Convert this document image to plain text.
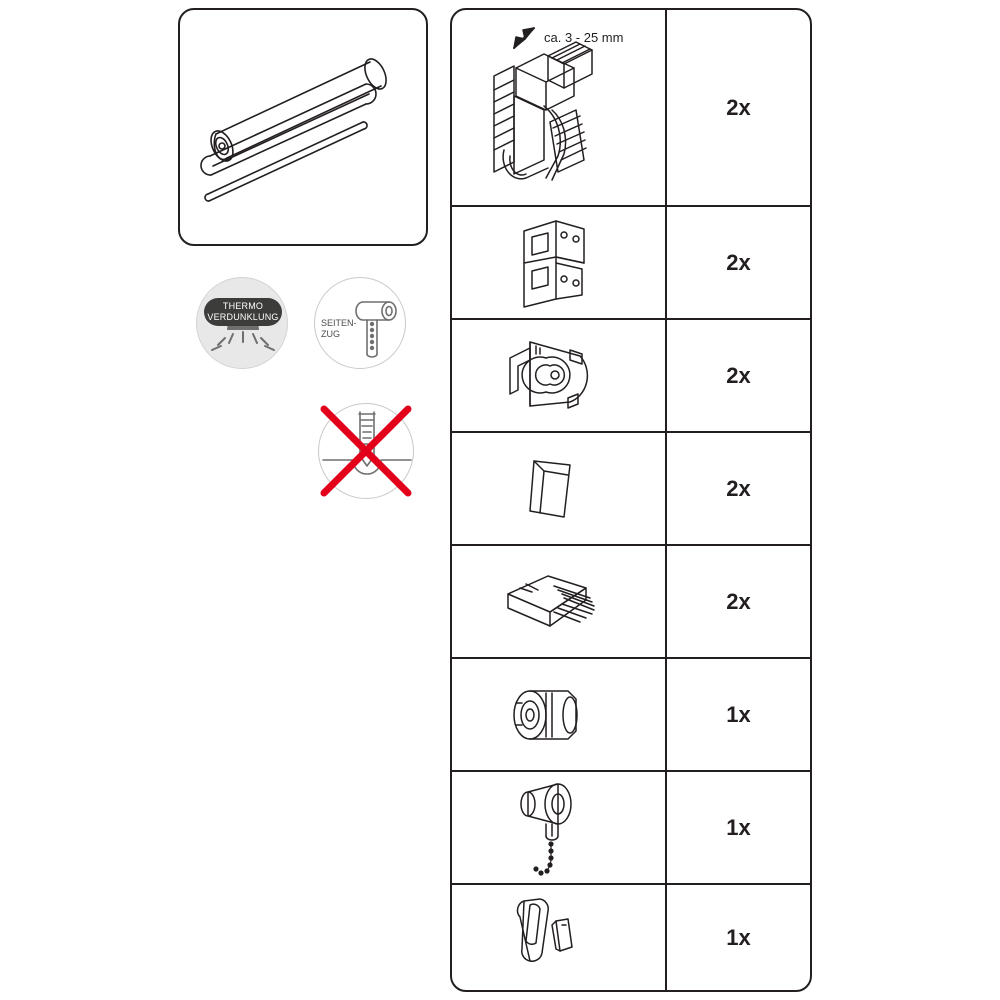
THERMO
VERDUNKLUNG
SEITEN-
ZUG
ca. 3 - 25 mm
2x
2x
2x
2x
2x
1x
1x
1x
